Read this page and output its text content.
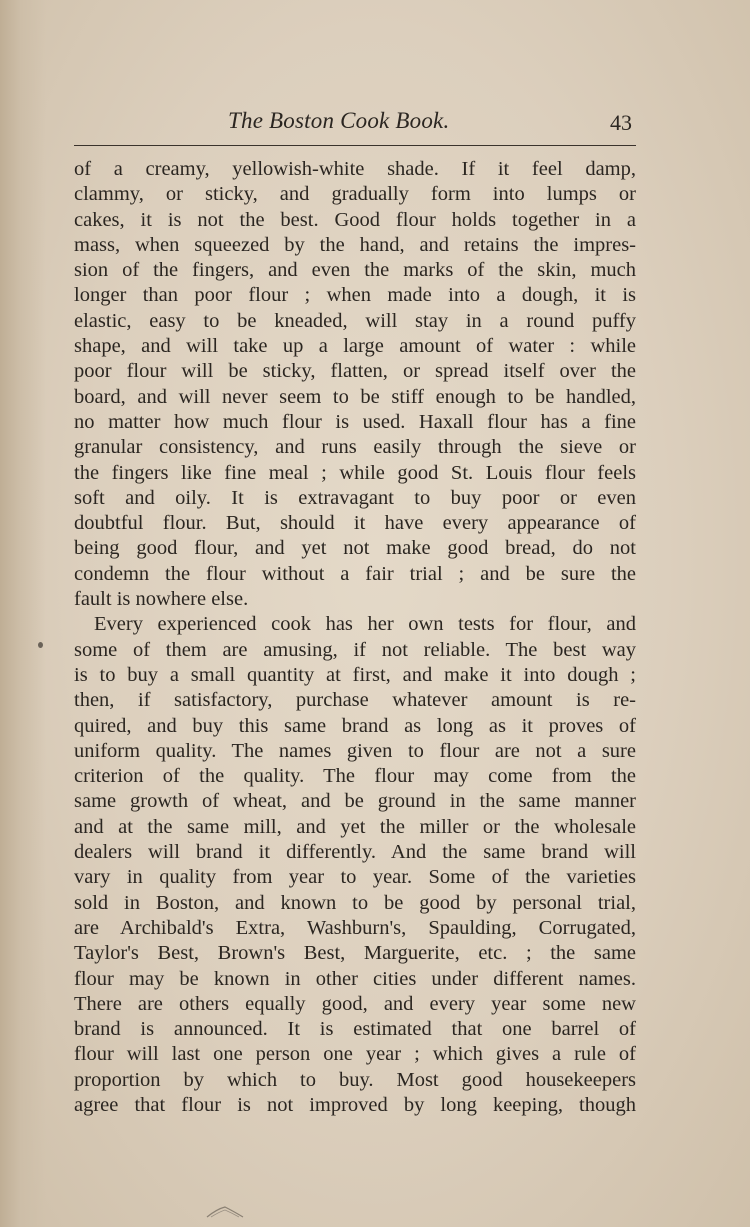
The Boston Cook Book.	43
of a creamy, yellowish-white shade. If it feel damp,
clammy, or sticky, and gradually form into lumps or
cakes, it is not the best. Good flour holds together in a
mass, when squeezed by the hand, and retains the impres-
sion of the fingers, and even the marks of the skin, much
longer than poor flour ; when made into a dough, it is
elastic, easy to be kneaded, will stay in a round puffy
shape, and will take up a large amount of water : while
poor flour will be sticky, flatten, or spread itself over the
board, and will never seem to be stiff enough to be handled,
no matter how much flour is used. Haxall flour has a fine
granular consistency, and runs easily through the sieve or
the fingers like fine meal ; while good St. Louis flour feels
soft and oily. It is extravagant to buy poor or even
doubtful flour. But, should it have every appearance of
being good flour, and yet not make good bread, do not
condemn the flour without a fair trial ; and be sure the
fault is nowhere else.
Every experienced cook has her own tests for flour, and
some of them are amusing, if not reliable. The best way
is to buy a small quantity at first, and make it into dough ;
then, if satisfactory, purchase whatever amount is re-
quired, and buy this same brand as long as it proves of
uniform quality. The names given to flour are not a sure
criterion of the quality. The flour may come from the
same growth of wheat, and be ground in the same manner
and at the same mill, and yet the miller or the wholesale
dealers will brand it differently. And the same brand will
vary in quality from year to year. Some of the varieties
sold in Boston, and known to be good by personal trial,
are Archibald's Extra, Washburn's, Spaulding, Corrugated,
Taylor's Best, Brown's Best, Marguerite, etc. ; the same
flour may be known in other cities under different names.
There are others equally good, and every year some new
brand is announced. It is estimated that one barrel of
flour will last one person one year ; which gives a rule of
proportion by which to buy. Most good housekeepers
agree that flour is not improved by long keeping, though
